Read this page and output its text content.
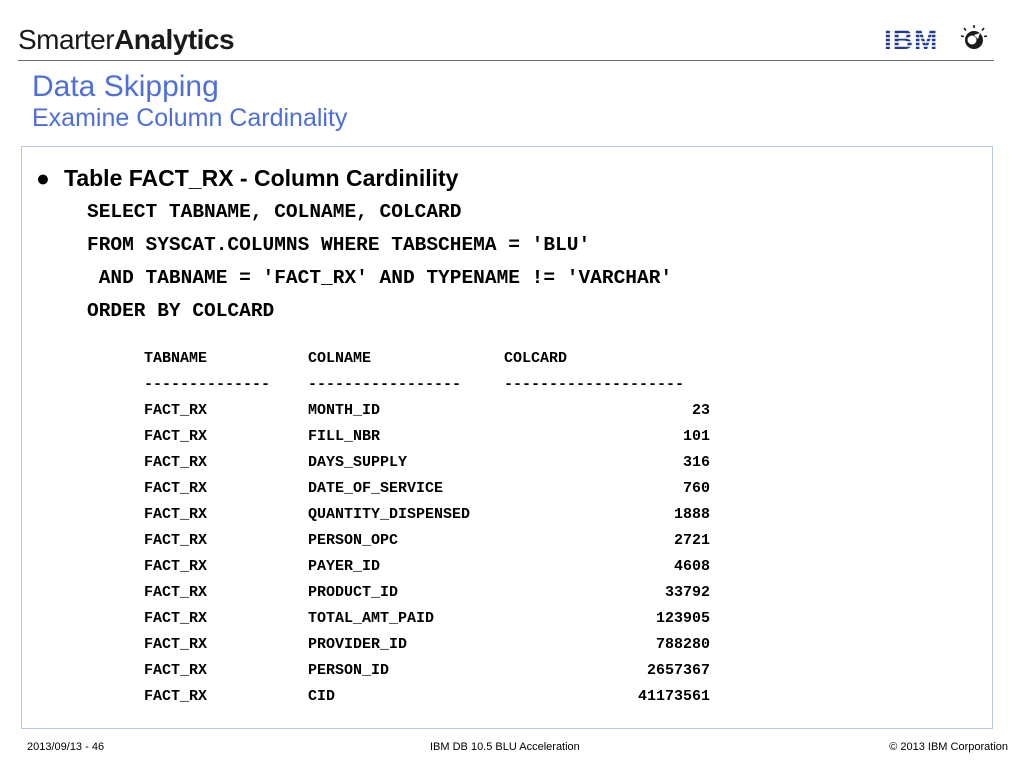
SmarterAnalytics	IBM
Data Skipping
Examine Column Cardinality
● Table FACT_RX - Column Cardinility
SELECT TABNAME, COLNAME, COLCARD
FROM SYSCAT.COLUMNS WHERE TABSCHEMA = 'BLU'
AND TABNAME = 'FACT_RX' AND TYPENAME != 'VARCHAR'
ORDER BY COLCARD
TABNAME	COLNAME	COLCARD
--------------	-----------------	--------------------
FACT_RX	MONTH_ID	23
FACT_RX	FILL_NBR	101
FACT_RX	DAYS_SUPPLY	316
FACT_RX	DATE_OF_SERVICE	760
FACT_RX	QUANTITY_DISPENSED	1888
FACT_RX	PERSON_OPC	2721
FACT_RX	PAYER_ID	4608
FACT_RX	PRODUCT_ID	33792
FACT_RX	TOTAL_AMT_PAID	123905
FACT_RX	PROVIDER_ID	788280
FACT_RX	PERSON_ID	2657367
FACT_RX	CID	41173561
2013/09/13 - 46	IBM DB 10.5 BLU Acceleration	© 2013 IBM Corporation
